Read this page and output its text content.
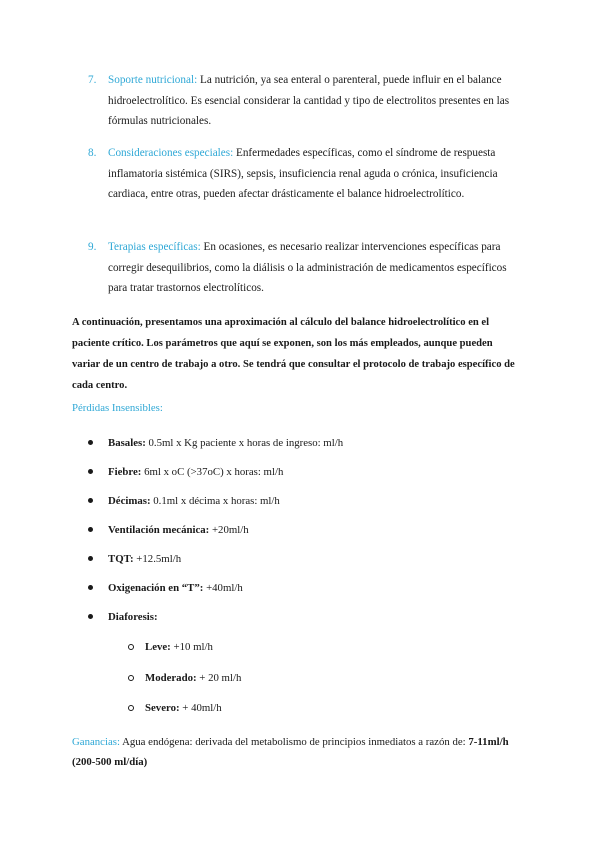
7. Soporte nutricional: La nutrición, ya sea enteral o parenteral, puede influir en el balance hidroelectrolítico. Es esencial considerar la cantidad y tipo de electrolitos presentes en las fórmulas nutricionales.
8. Consideraciones especiales: Enfermedades específicas, como el síndrome de respuesta inflamatoria sistémica (SIRS), sepsis, insuficiencia renal aguda o crónica, insuficiencia cardiaca, entre otras, pueden afectar drásticamente el balance hidroelectrolítico.
9. Terapias específicas: En ocasiones, es necesario realizar intervenciones específicas para corregir desequilibrios, como la diálisis o la administración de medicamentos específicos para tratar trastornos electrolíticos.
A continuación, presentamos una aproximación al cálculo del balance hidroelectrolítico en el paciente crítico. Los parámetros que aquí se exponen, son los más empleados, aunque pueden variar de un centro de trabajo a otro. Se tendrá que consultar el protocolo de trabajo específico de cada centro.
Pérdidas Insensibles:
Basales: 0.5ml x Kg paciente x horas de ingreso: ml/h
Fiebre: 6ml x oC (>37oC) x horas: ml/h
Décimas: 0.1ml x décima x horas: ml/h
Ventilación mecánica: +20ml/h
TQT: +12.5ml/h
Oxigenación en “T”: +40ml/h
Diaforesis:
Leve: +10 ml/h
Moderado: + 20 ml/h
Severo: + 40ml/h
Ganancias: Agua endógena: derivada del metabolismo de principios inmediatos a razón de: 7-11ml/h (200-500 ml/día)
